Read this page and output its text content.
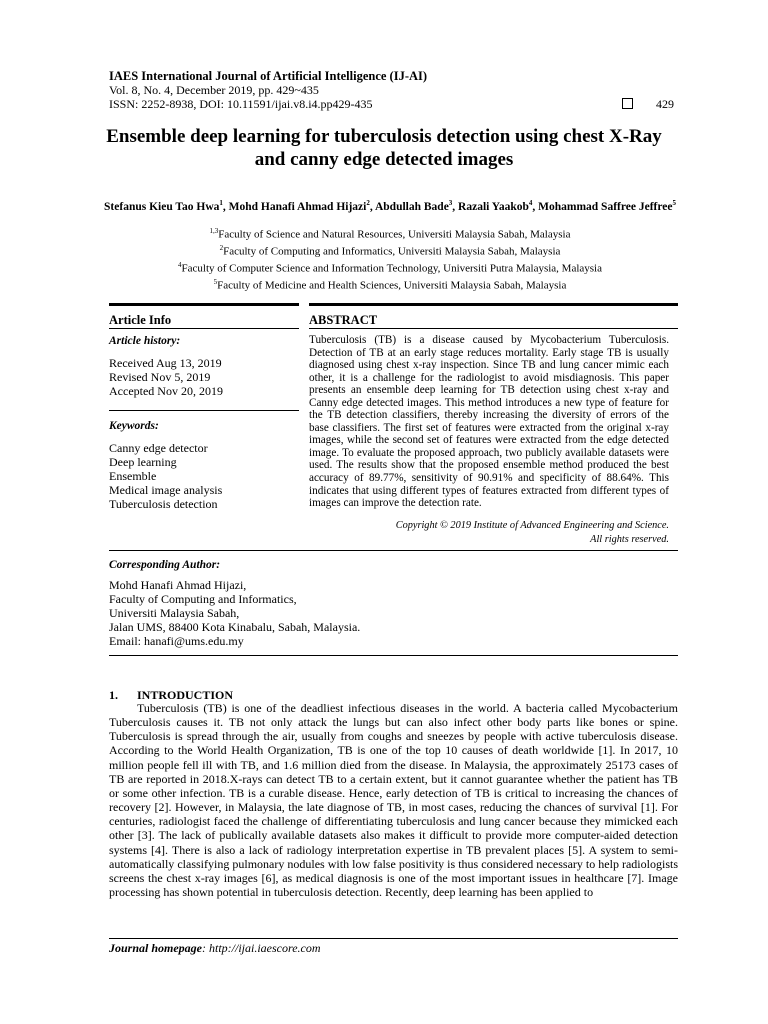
IAES International Journal of Artificial Intelligence (IJ-AI)
Vol. 8, No. 4, December 2019, pp. 429~435
ISSN: 2252-8938, DOI: 10.11591/ijai.v8.i4.pp429-435	429
Ensemble deep learning for tuberculosis detection using chest X-Ray and canny edge detected images
Stefanus Kieu Tao Hwa$^1$, Mohd Hanafi Ahmad Hijazi$^2$, Abdullah Bade$^3$, Razali Yaakob$^4$, Mohammad Saffree Jeffree$^5$
$^{1,3}$Faculty of Science and Natural Resources, Universiti Malaysia Sabah, Malaysia
$^2$Faculty of Computing and Informatics, Universiti Malaysia Sabah, Malaysia
$^4$Faculty of Computer Science and Information Technology, Universiti Putra Malaysia, Malaysia
$^5$Faculty of Medicine and Health Sciences, Universiti Malaysia Sabah, Malaysia
Article Info	ABSTRACT
Article history:
Received Aug 13, 2019
Revised Nov 5, 2019
Accepted Nov 20, 2019
Keywords:
Canny edge detector
Deep learning
Ensemble
Medical image analysis
Tuberculosis detection
Tuberculosis (TB) is a disease caused by Mycobacterium Tuberculosis. Detection of TB at an early stage reduces mortality. Early stage TB is usually diagnosed using chest x-ray inspection. Since TB and lung cancer mimic each other, it is a challenge for the radiologist to avoid misdiagnosis. This paper presents an ensemble deep learning for TB detection using chest x-ray and Canny edge detected images. This method introduces a new type of feature for the TB detection classifiers, thereby increasing the diversity of errors of the base classifiers. The first set of features were extracted from the original x-ray images, while the second set of features were extracted from the edge detected image. To evaluate the proposed approach, two publicly available datasets were used. The results show that the proposed ensemble method produced the best accuracy of 89.77%, sensitivity of 90.91% and specificity of 88.64%. This indicates that using different types of features extracted from different types of images can improve the detection rate.
Copyright © 2019 Institute of Advanced Engineering and Science.
All rights reserved.
Corresponding Author:
Mohd Hanafi Ahmad Hijazi,
Faculty of Computing and Informatics,
Universiti Malaysia Sabah,
Jalan UMS, 88400 Kota Kinabalu, Sabah, Malaysia.
Email: hanafi@ums.edu.my
1. INTRODUCTION
Tuberculosis (TB) is one of the deadliest infectious diseases in the world. A bacteria called Mycobacterium Tuberculosis causes it. TB not only attack the lungs but can also infect other body parts like bones or spine. Tuberculosis is spread through the air, usually from coughs and sneezes by people with active tuberculosis disease. According to the World Health Organization, TB is one of the top 10 causes of death worldwide [1]. In 2017, 10 million people fell ill with TB, and 1.6 million died from the disease. In Malaysia, the approximately 25173 cases of TB are reported in 2018.X-rays can detect TB to a certain extent, but it cannot guarantee whether the patient has TB or some other infection. TB is a curable disease. Hence, early detection of TB is critical to increasing the chances of recovery [2]. However, in Malaysia, the late diagnose of TB, in most cases, reducing the chances of survival [1]. For centuries, radiologist faced the challenge of differentiating tuberculosis and lung cancer because they mimicked each other [3]. The lack of publically available datasets also makes it difficult to provide more computer-aided detection systems [4]. There is also a lack of radiology interpretation expertise in TB prevalent places [5]. A system to semi-automatically classifying pulmonary nodules with low false positivity is thus considered necessary to help radiologists screens the chest x-ray images [6], as medical diagnosis is one of the most important issues in healthcare [7]. Image processing has shown potential in tuberculosis detection. Recently, deep learning has been applied to
Journal homepage: http://ijai.iaescore.com
